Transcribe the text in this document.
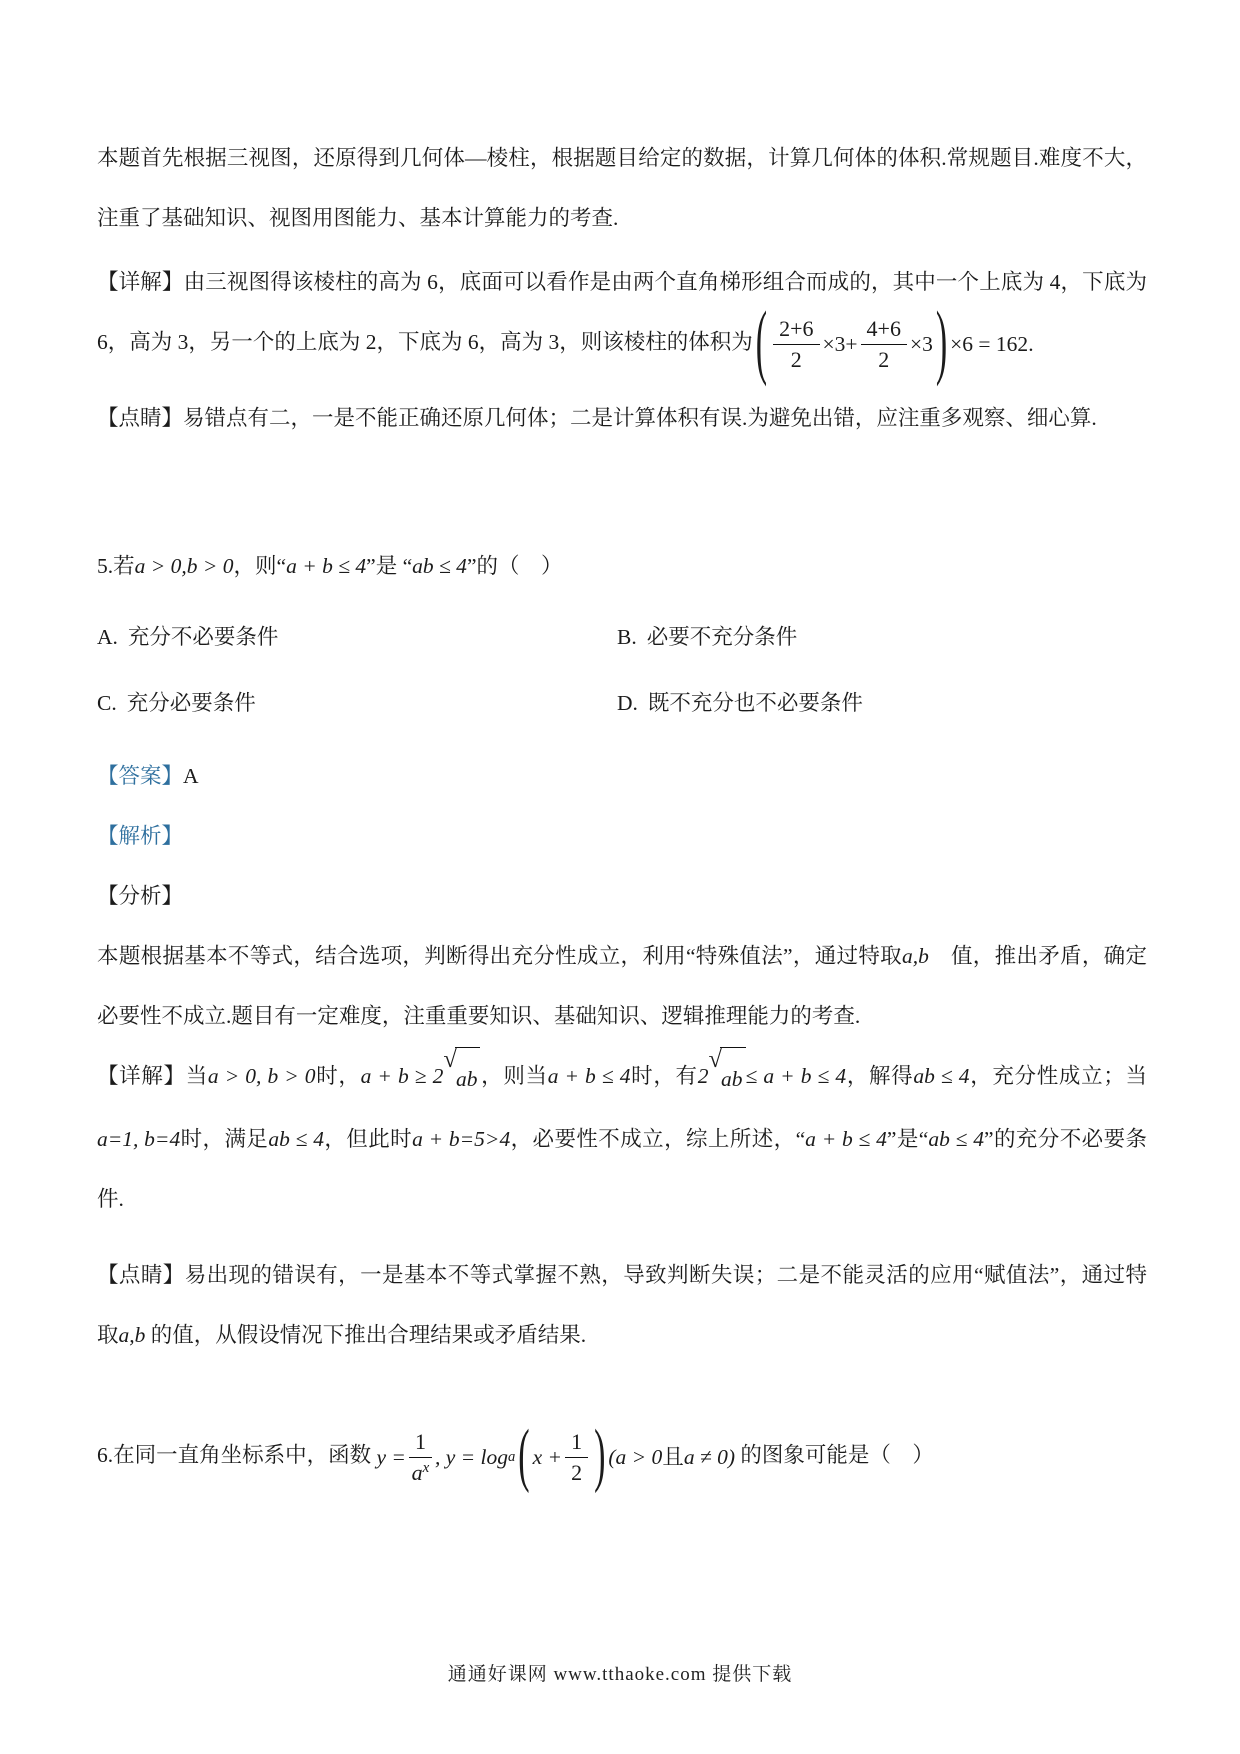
本题首先根据三视图，还原得到几何体—棱柱，根据题目给定的数据，计算几何体的体积.常规题目.难度不大，注重了基础知识、视图用图能力、基本计算能力的考查.

【详解】由三视图得该棱柱的高为 6，底面可以看作是由两个直角梯形组合而成的，其中一个上底为 4，下底为 6，高为 3，另一个的上底为 2，下底为 6，高为 3，则该棱柱的体积为 ( $\frac{2+6}{2} \times 3+ \frac{4+6}{2} \times 3$ ) ×6 = 162 .

【点睛】易错点有二，一是不能正确还原几何体；二是计算体积有误.为避免出错，应注重多观察、细心算.

5.若a > 0,b > 0，则“a + b ≤ 4”是 “ab ≤ 4”的（　）

A. 充分不必要条件	B. 必要不充分条件
C. 充分必要条件	D. 既不充分也不必要条件

【答案】A

【解析】

【分析】

本题根据基本不等式，结合选项，判断得出充分性成立，利用“特殊值法”，通过特取a,b　值，推出矛盾，确定必要性不成立.题目有一定难度，注重重要知识、基础知识、逻辑推理能力的考查.

【详解】当a > 0, b > 0时，a + b ≥ 2
√
ab ，则当a + b ≤ 4时，有2
√
ab ≤ a + b ≤ 4，解得ab ≤ 4，充分性成立；当a=1, b=4时，满足ab ≤ 4，但此时a + b=5>4，必要性不成立，综上所述，“a + b ≤ 4”是“ab ≤ 4”的充分不必要条件.

【点睛】易出现的错误有，一是基本不等式掌握不熟，导致判断失误；二是不能灵活的应用“赋值法”，通过特取a,b 的值，从假设情况下推出合理结果或矛盾结果.

6.在同一直角坐标系中，函数 $y = \frac{1}{a^x}$ , y = log a ( $x + \frac{1}{2}$ ) (a > 0 且 a ≠ 0) 的图象可能是（　）

通通好课网 www.tthaoke.com 提供下载
